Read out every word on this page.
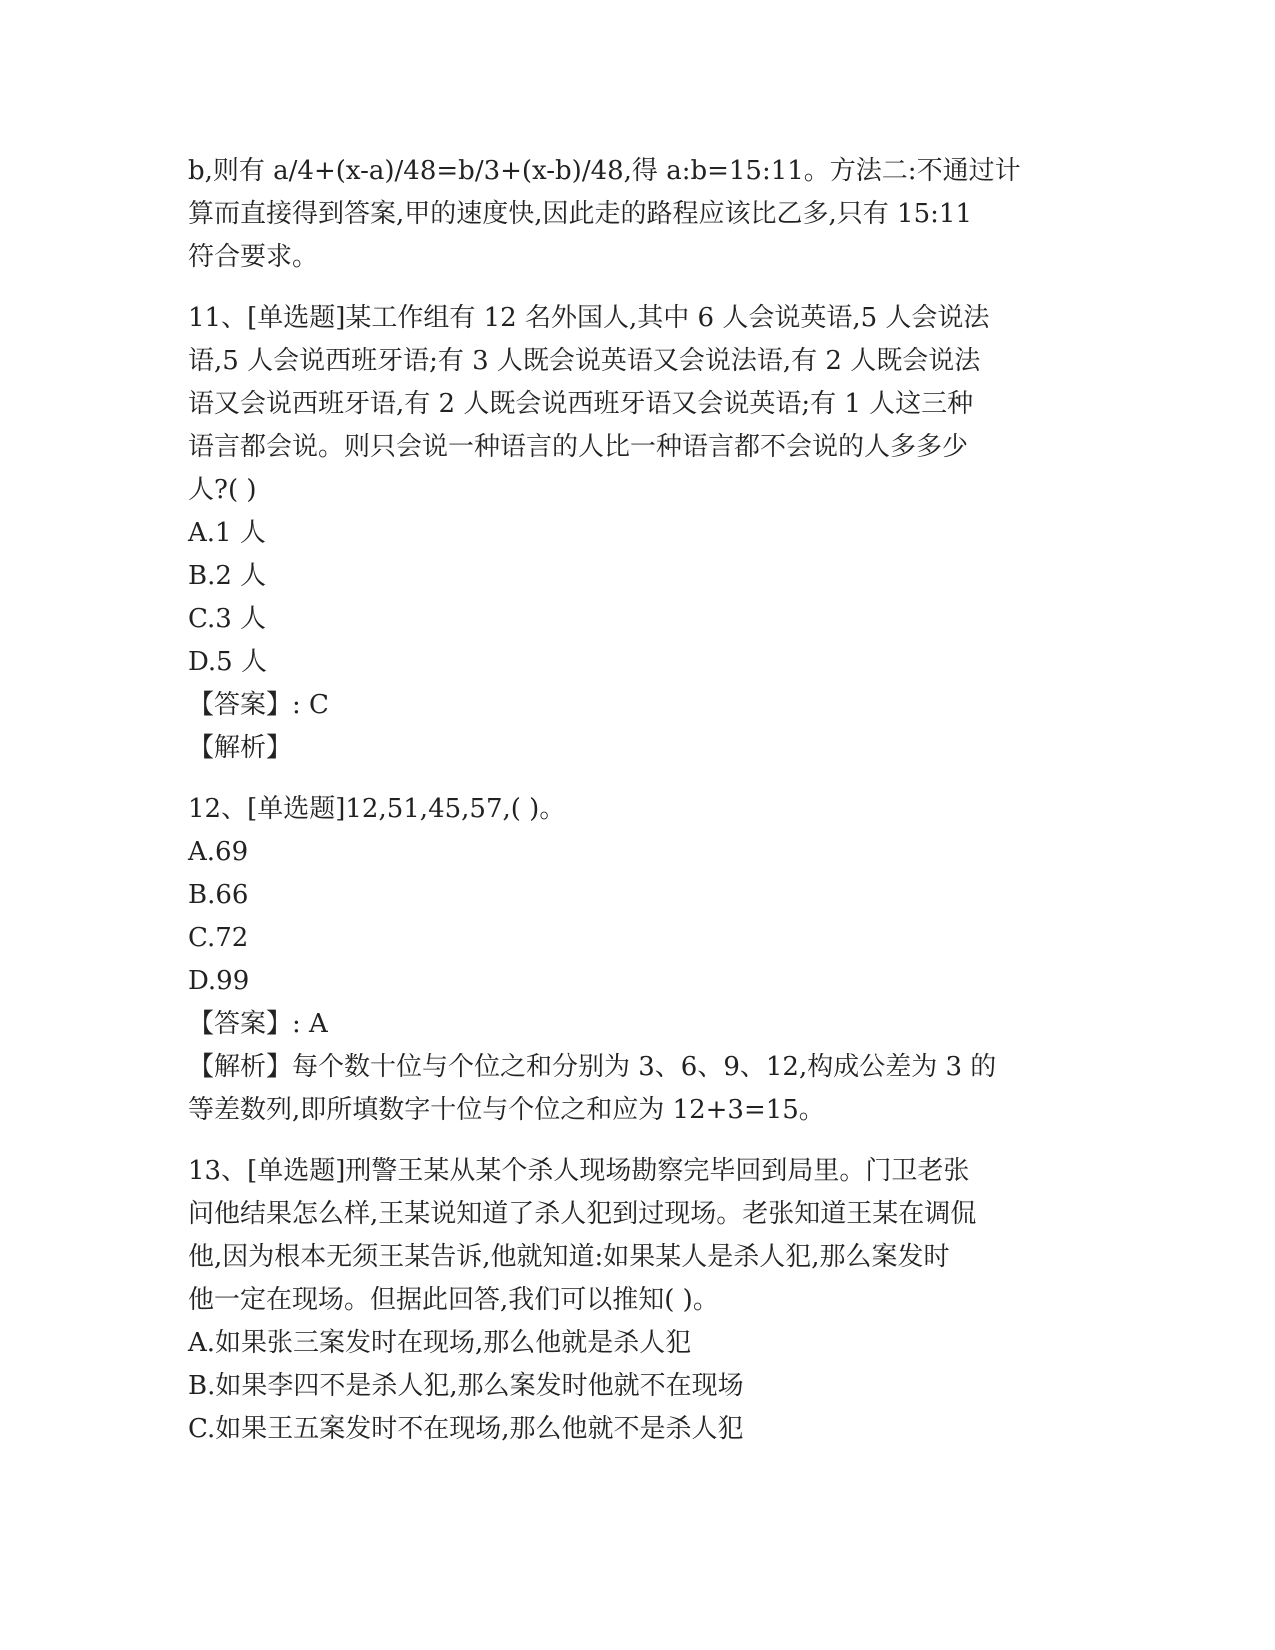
b,则有 a/4+(x-a)/48=b/3+(x-b)/48,得 a:b=15:11。方法二:不通过计
算而直接得到答案,甲的速度快,因此走的路程应该比乙多,只有 15:11
符合要求。
11、[单选题]某工作组有 12 名外国人,其中 6 人会说英语,5 人会说法
语,5 人会说西班牙语;有 3 人既会说英语又会说法语,有 2 人既会说法
语又会说西班牙语,有 2 人既会说西班牙语又会说英语;有 1 人这三种
语言都会说。则只会说一种语言的人比一种语言都不会说的人多多少
人?( )
A.1 人
B.2 人
C.3 人
D.5 人
【答案】: C
【解析】
12、[单选题]12,51,45,57,( )。
A.69
B.66
C.72
D.99
【答案】: A
【解析】每个数十位与个位之和分别为 3、6、9、12,构成公差为 3 的
等差数列,即所填数字十位与个位之和应为 12+3=15。
13、[单选题]刑警王某从某个杀人现场勘察完毕回到局里。门卫老张
问他结果怎么样,王某说知道了杀人犯到过现场。老张知道王某在调侃
他,因为根本无须王某告诉,他就知道:如果某人是杀人犯,那么案发时
他一定在现场。但据此回答,我们可以推知( )。
A.如果张三案发时在现场,那么他就是杀人犯
B.如果李四不是杀人犯,那么案发时他就不在现场
C.如果王五案发时不在现场,那么他就不是杀人犯
